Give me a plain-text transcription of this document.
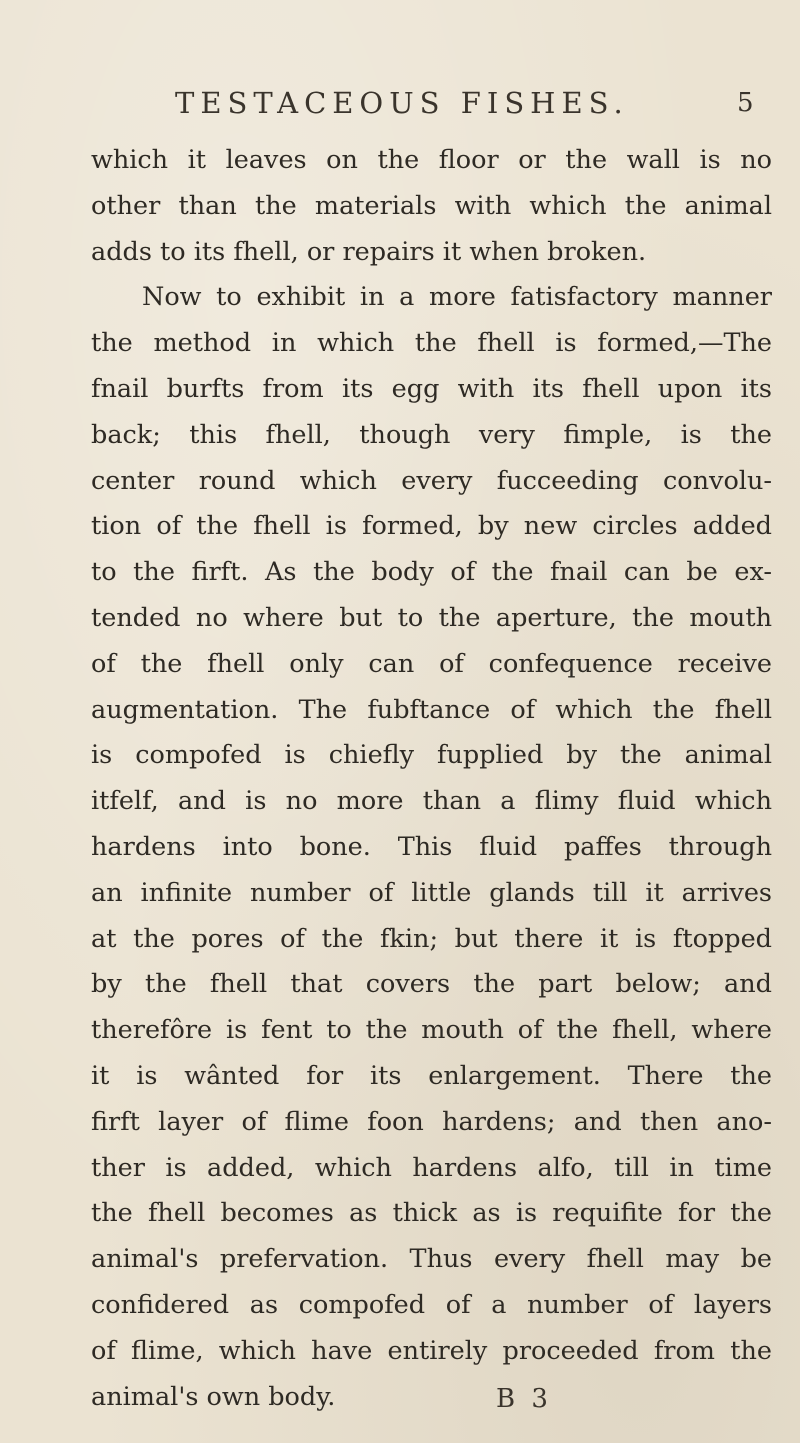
TESTACEOUS FISHES.	5
which it leaves on the floor or the wall is no
other than the materials with which the animal
adds to its fhell, or repairs it when broken.
Now to exhibit in a more fatisfactory manner
the method in which the fhell is formed,—The
fnail burfts from its egg with its fhell upon its
back; this fhell, though very fimple, is the
center round which every fucceeding convolu-
tion of the fhell is formed, by new circles added
to the firft. As the body of the fnail can be ex-
tended no where but to the aperture, the mouth
of the fhell only can of confequence receive
augmentation. The fubftance of which the fhell
is compofed is chiefly fupplied by the animal
itfelf, and is no more than a flimy fluid which
hardens into bone. This fluid paffes through
an infinite number of little glands till it arrives
at the pores of the fkin; but there it is ftopped
by the fhell that covers the part below; and
therefôre is fent to the mouth of the fhell, where
it is wânted for its enlargement. There the
firft layer of flime foon hardens; and then ano-
ther is added, which hardens alfo, till in time
the fhell becomes as thick as is requifite for the
animal's prefervation. Thus every fhell may be
confidered as compofed of a number of layers
of flime, which have entirely proceeded from the
animal's own body.	B 3
